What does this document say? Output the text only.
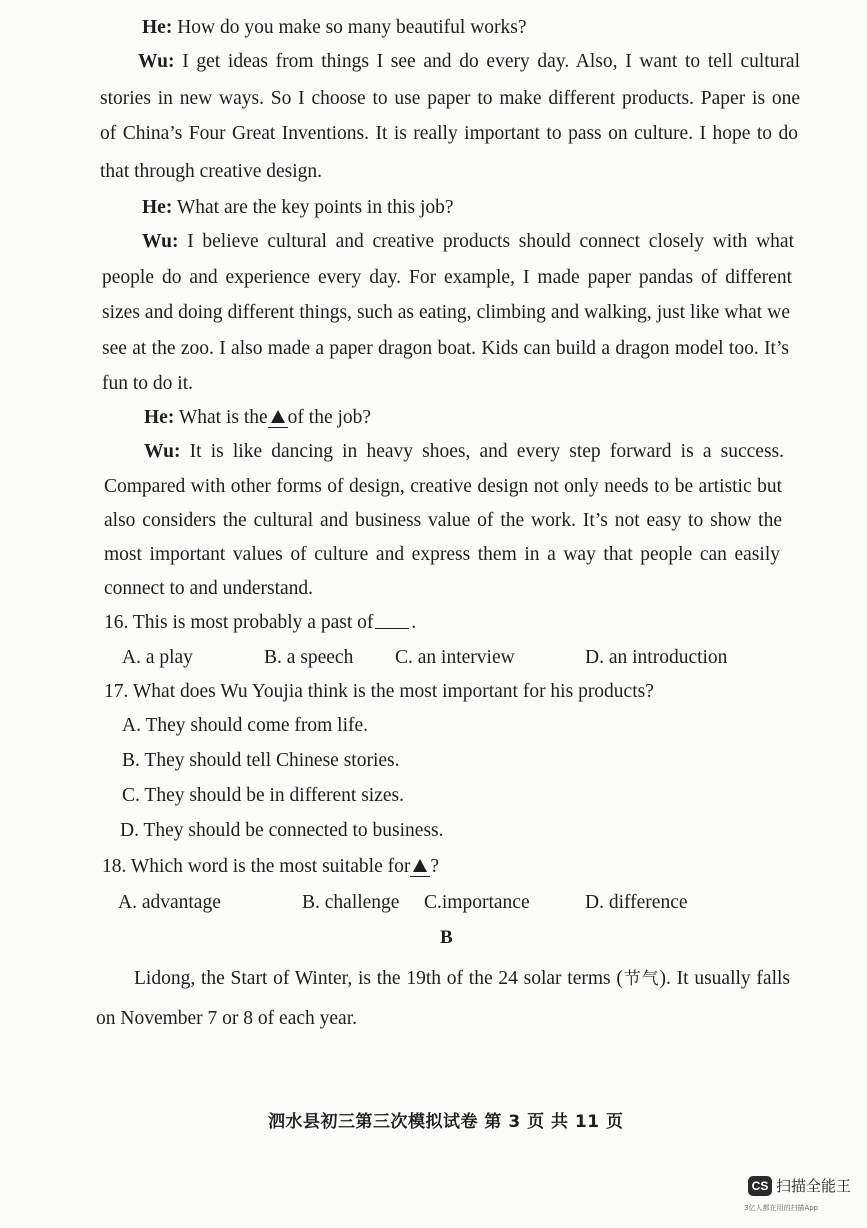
He: How do you make so many beautiful works?
Wu: I get ideas from things I see and do every day. Also, I want to tell cultural
stories in new ways. So I choose to use paper to make different products. Paper is one
of China’s Four Great Inventions. It is really important to pass on culture. I hope to do
that through creative design.
He: What are the key points in this job?
Wu: I believe cultural and creative products should connect closely with what
people do and experience every day. For example, I made paper pandas of different
sizes and doing different things, such as eating, climbing and walking, just like what we
see at the zoo. I also made a paper dragon boat. Kids can build a dragon model too. It’s
fun to do it.
He: What is the of the job?
Wu: It is like dancing in heavy shoes, and every step forward is a success.
Compared with other forms of design, creative design not only needs to be artistic but
also considers the cultural and business value of the work. It’s not easy to show the
most important values of culture and express them in a way that people can easily
connect to and understand.
16. This is most probably a past of .
A. a play	B. a speech C. an interview	D. an introduction
17. What does Wu Youjia think is the most important for his products?
A. They should come from life.
B. They should tell Chinese stories.
C. They should be in different sizes.
D. They should be connected to business.
18. Which word is the most suitable for ?
A. advantage	B. challenge C.importance	D. difference
B
Lidong, the Start of Winter, is the 19th of the 24 solar terms (节气). It usually falls
on November 7 or 8 of each year.
泗水县初三第三次模拟试卷 第 3 页 共 11 页
CS 扫描全能王
3亿人都在用的扫描App
